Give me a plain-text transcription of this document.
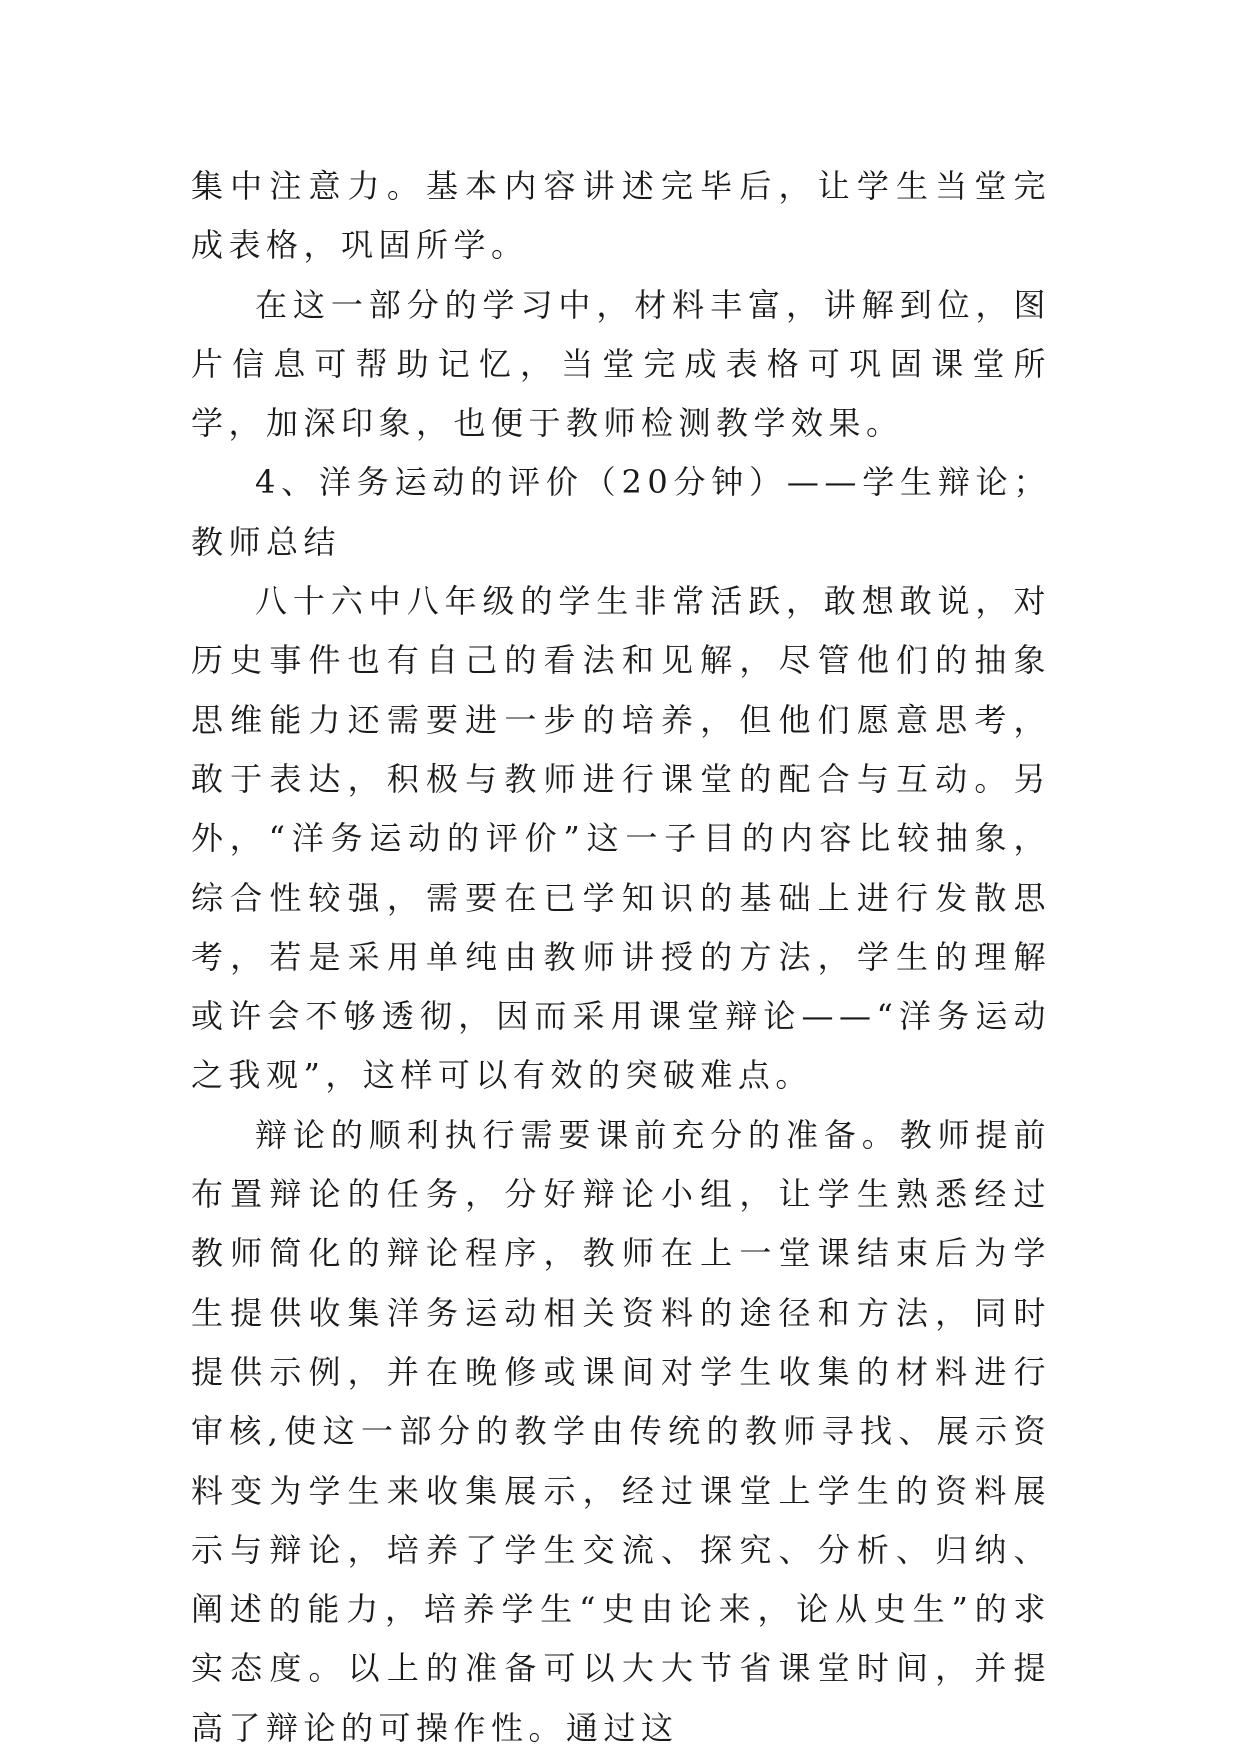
集中注意力。基本内容讲述完毕后，让学生当堂完成表格，巩固所学。

在这一部分的学习中，材料丰富，讲解到位，图片信息可帮助记忆，当堂完成表格可巩固课堂所学，加深印象，也便于教师检测教学效果。

4、洋务运动的评价（20分钟）——学生辩论；教师总结

八十六中八年级的学生非常活跃，敢想敢说，对历史事件也有自己的看法和见解，尽管他们的抽象思维能力还需要进一步的培养，但他们愿意思考，敢于表达，积极与教师进行课堂的配合与互动。另外，“洋务运动的评价”这一子目的内容比较抽象，综合性较强，需要在已学知识的基础上进行发散思考，若是采用单纯由教师讲授的方法，学生的理解或许会不够透彻，因而采用课堂辩论——“洋务运动之我观”，这样可以有效的突破难点。

辩论的顺利执行需要课前充分的准备。教师提前布置辩论的任务，分好辩论小组，让学生熟悉经过教师简化的辩论程序，教师在上一堂课结束后为学生提供收集洋务运动相关资料的途径和方法，同时提供示例，并在晚修或课间对学生收集的材料进行审核,使这一部分的教学由传统的教师寻找、展示资料变为学生来收集展示，经过课堂上学生的资料展示与辩论，培养了学生交流、探究、分析、归纳、阐述的能力，培养学生“史由论来，论从史生”的求实态度。以上的准备可以大大节省课堂时间，并提高了辩论的可操作性。通过这
